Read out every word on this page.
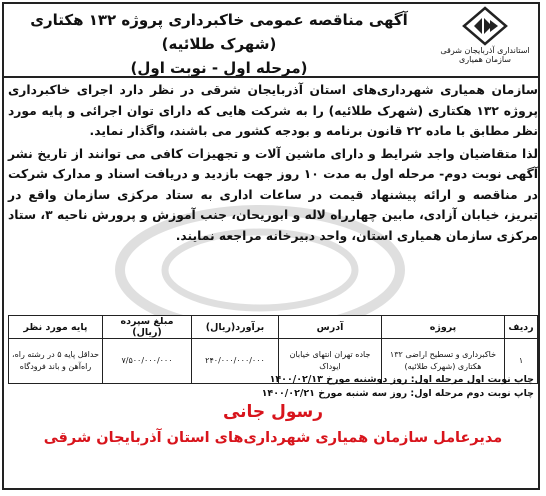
آگهی مناقصه عمومی خاکبرداری پروژه ۱۳۲ هکتاری (شهرک طلائیه)
(مرحله اول - نوبت اول)
استانداری آذربایجان شرقی
سازمان همیاری

سازمان همیاری شهرداری‌های استان آذربایجان شرقی در نظر دارد اجرای خاکبرداری پروژه ۱۳۲ هکتاری (شهرک طلائیه) را به شرکت هایی که دارای توان اجرائی و پایه مورد نظر مطابق با ماده ۲۲ قانون برنامه و بودجه کشور می باشند، واگذار نماید.

لذا متقاضیان واجد شرایط و دارای ماشین آلات و تجهیزات کافی می توانند از تاریخ نشر آگهی نوبت دوم- مرحله اول به مدت ۱۰ روز جهت بازدید و دریافت اسناد و مدارک شرکت در مناقصه و ارائه پیشنهاد قیمت در ساعات اداری به ستاد مرکزی سازمان واقع در تبریز، خیابان آزادی، مابین چهارراه لاله و ابوریحان، جنب آموزش و پرورش ناحیه ۳، ستاد مرکزی سازمان همیاری استان، واحد دبیرخانه مراجعه نمایند.

ردیف	پروژه	آدرس	برآورد(ریال)	مبلغ سپرده (ریال)	پایه مورد نظر
۱	خاکبرداری و تسطیح اراضی ۱۳۲ هکتاری (شهرک طلائیه)	جاده تهران انتهای خیابان ایوداک	۲۴۰/۰۰۰/۰۰۰/۰۰۰	۷/۵۰۰/۰۰۰/۰۰۰	حداقل پایه ۵ در رشته راه، راه‌آهن و باند فرودگاه
چاپ نوبت اول مرحله اول: روز دوشنبه مورخ ۱۴۰۰/۰۲/۱۳
چاپ نوبت دوم مرحله اول: روز سه شنبه مورخ ۱۴۰۰/۰۲/۲۱
رسول جانی
مدیرعامل سازمان همیاری شهرداری‌های استان آذربایجان شرقی
